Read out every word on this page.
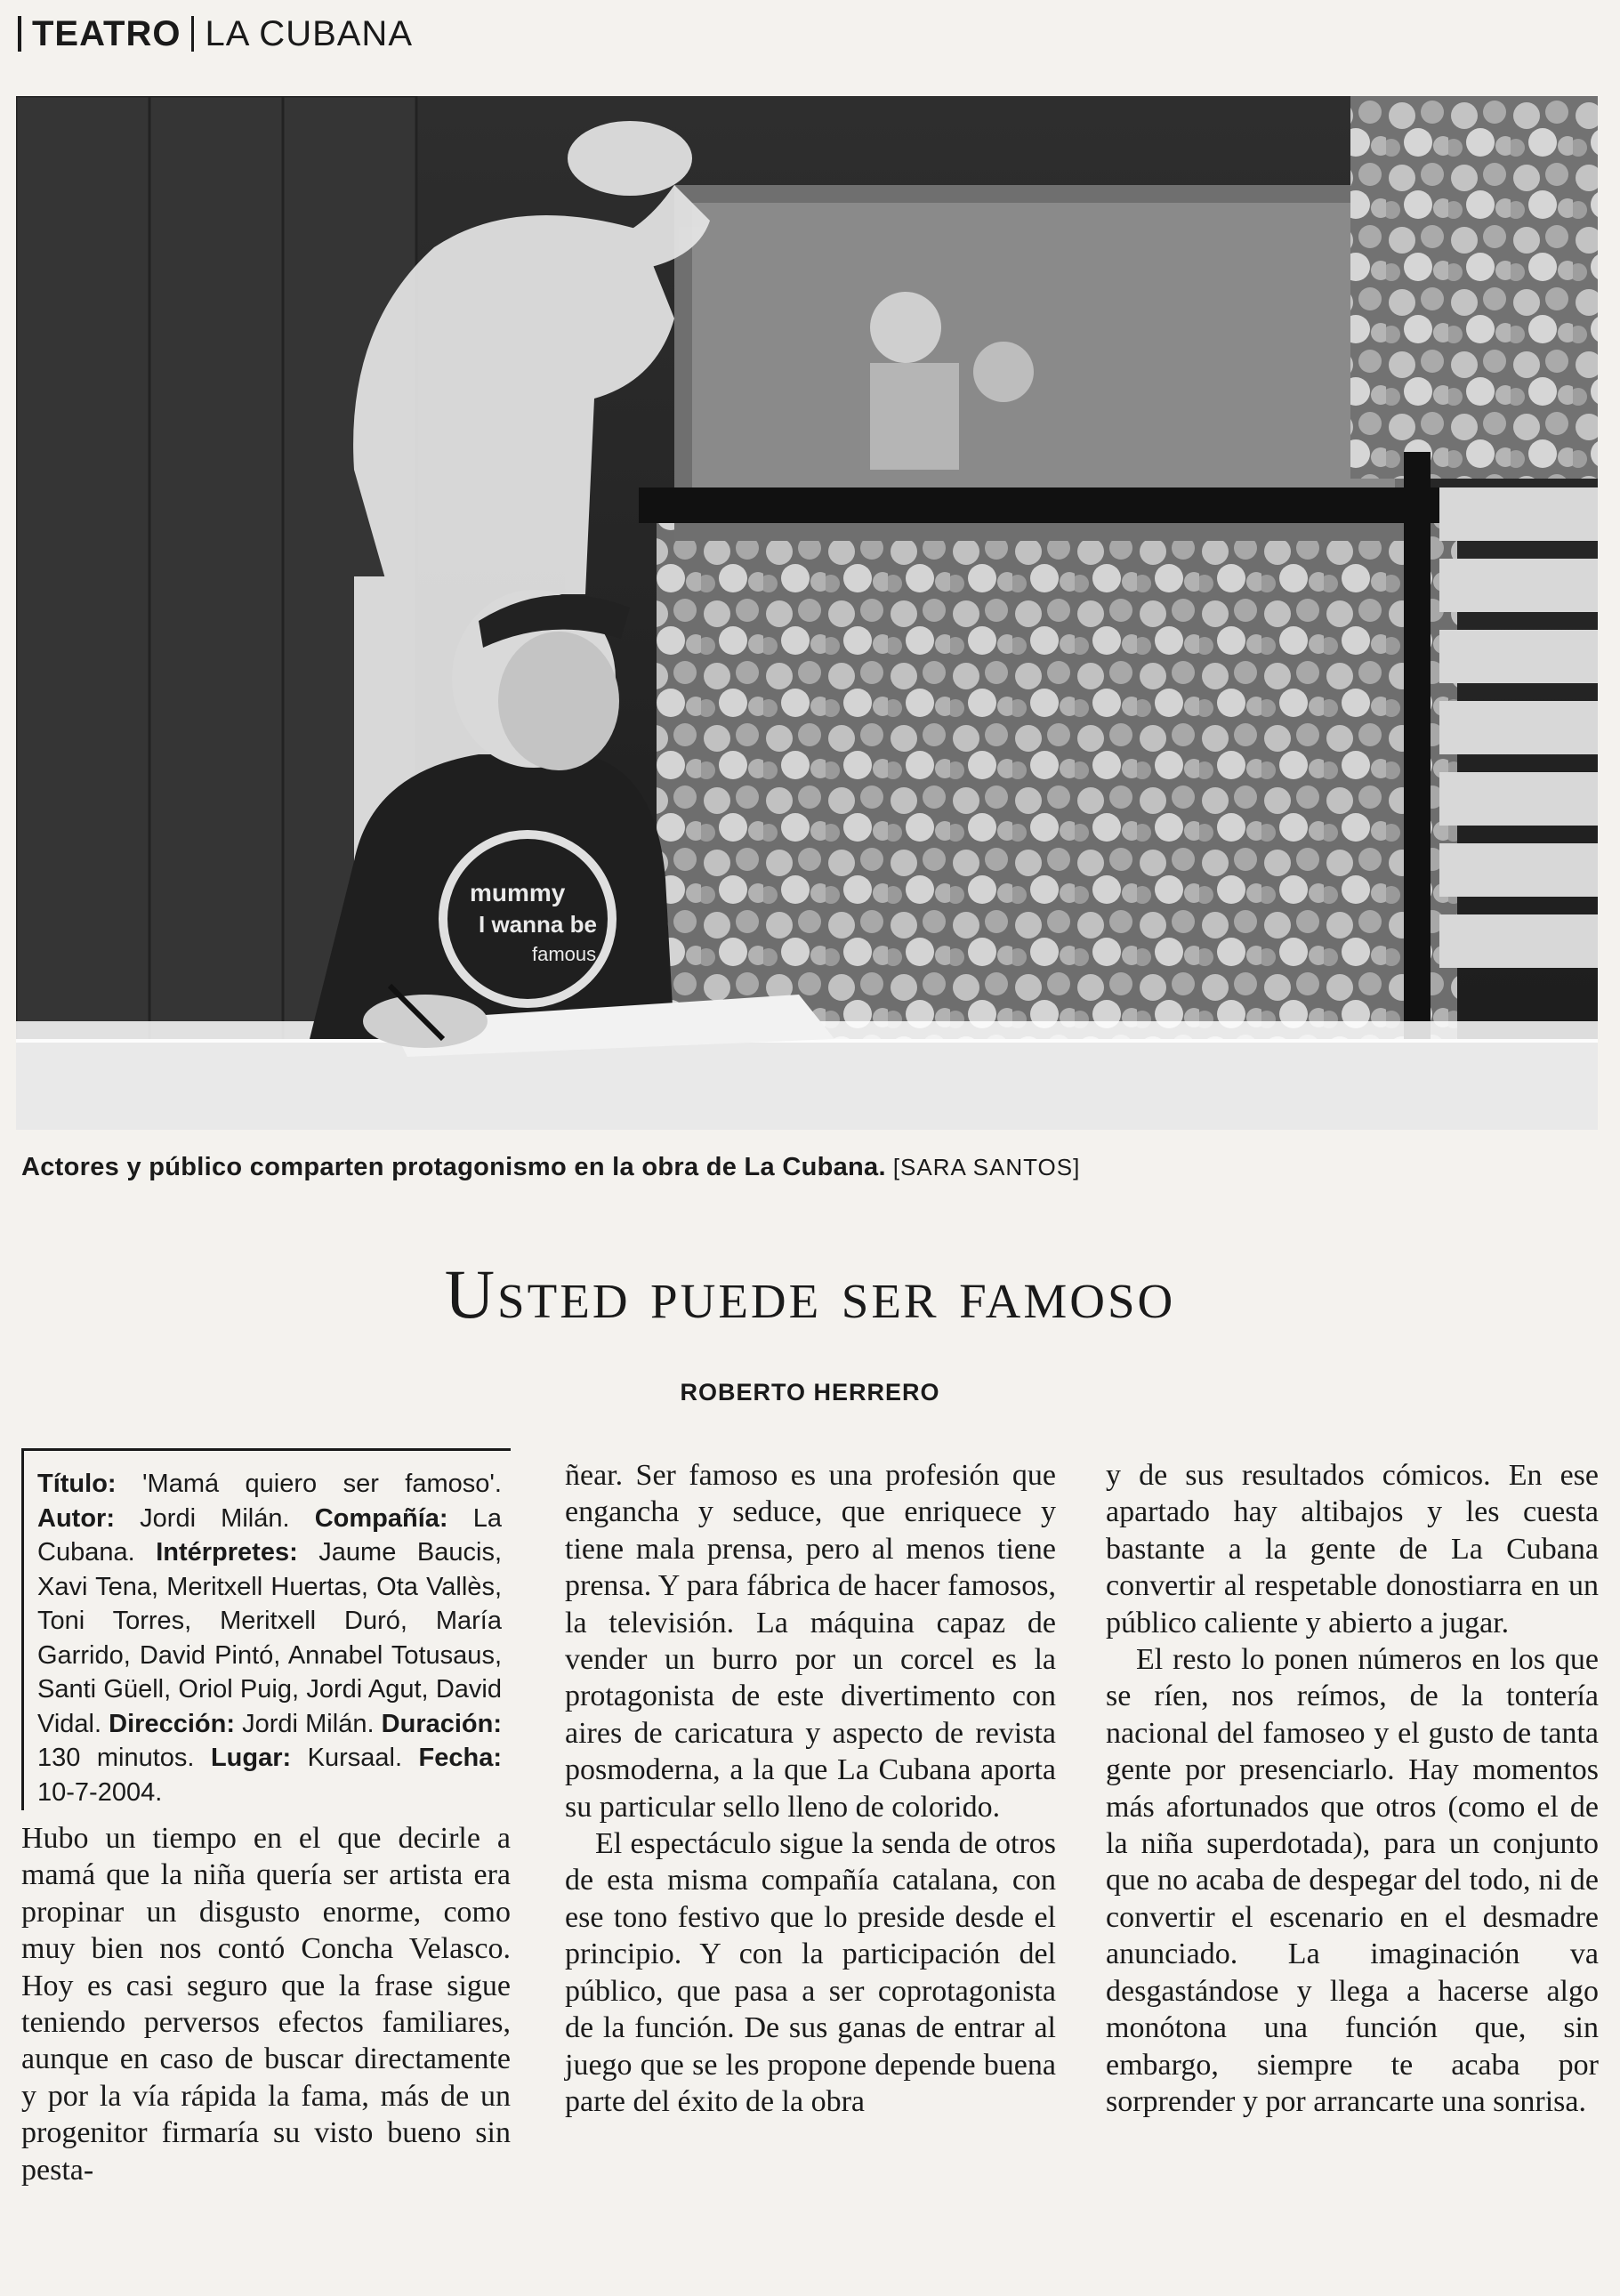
TEATRO LA CUBANA
mummy
I wanna be
famous
Actores y público comparten protagonismo en la obra de La Cubana. [SARA SANTOS]
Usted puede ser famoso
ROBERTO HERRERO
Título: 'Mamá quiero ser famoso'. Autor: Jordi Milán. Compañía: La Cubana. Intérpretes: Jaume Baucis, Xavi Tena, Meritxell Huertas, Ota Vallès, Toni Torres, Meritxell Duró, María Garrido, David Pintó, Annabel Totusaus, Santi Güell, Oriol Puig, Jordi Agut, David Vidal. Dirección: Jordi Milán. Duración: 130 minutos. Lugar: Kursaal. Fecha: 10-7-2004.

Hubo un tiempo en el que decirle a mamá que la niña quería ser artista era propinar un disgusto enorme, como muy bien nos contó Concha Velasco. Hoy es casi seguro que la frase sigue teniendo perversos efectos familiares, aunque en caso de buscar directamente y por la vía rápida la fama, más de un progenitor firmaría su visto bueno sin pesta-

ñear. Ser famoso es una profesión que engancha y seduce, que enriquece y tiene mala prensa, pero al menos tiene prensa. Y para fábrica de hacer famosos, la televisión. La máquina capaz de vender un burro por un corcel es la protagonista de este divertimento con aires de caricatura y aspecto de revista posmoderna, a la que La Cubana aporta su particular sello lleno de colorido.

El espectáculo sigue la senda de otros de esta misma compañía catalana, con ese tono festivo que lo preside desde el principio. Y con la participación del público, que pasa a ser coprotagonista de la función. De sus ganas de entrar al juego que se les propone depende buena parte del éxito de la obra

y de sus resultados cómicos. En ese apartado hay altibajos y les cuesta bastante a la gente de La Cubana convertir al respetable donostiarra en un público caliente y abierto a jugar.

El resto lo ponen números en los que se ríen, nos reímos, de la tontería nacional del famoseo y el gusto de tanta gente por presenciarlo. Hay momentos más afortunados que otros (como el de la niña superdotada), para un conjunto que no acaba de despegar del todo, ni de convertir el escenario en el desmadre anunciado. La imaginación va desgastándose y llega a hacerse algo monótona una función que, sin embargo, siempre te acaba por sorprender y por arrancarte una sonrisa.
